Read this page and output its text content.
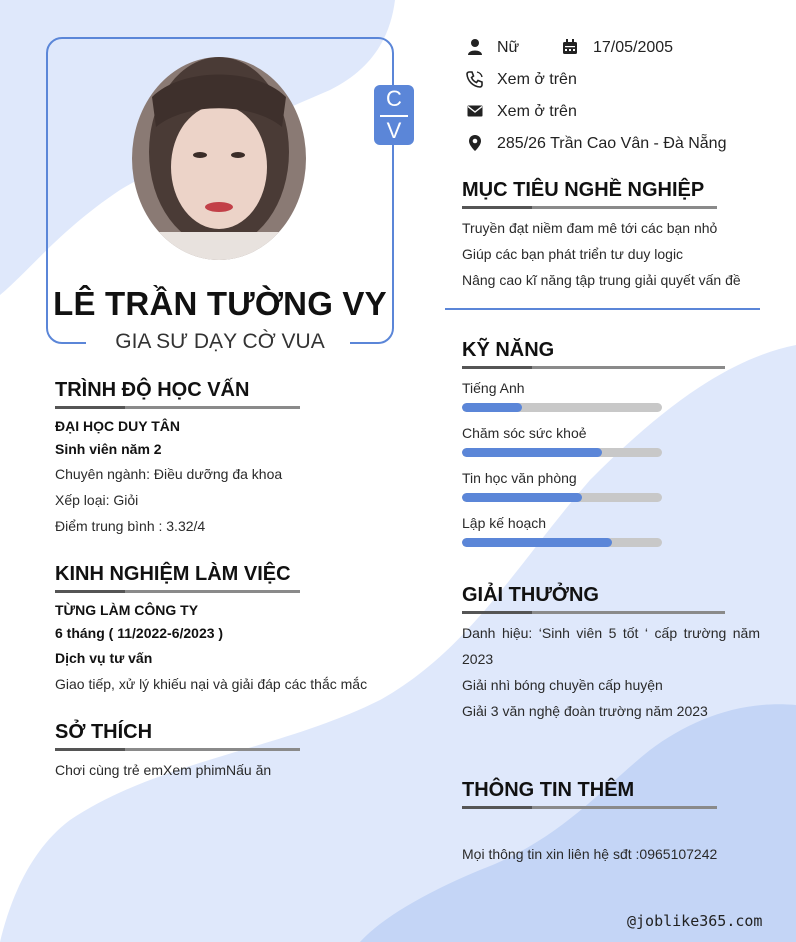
C
V
LÊ TRẦN TƯỜNG VY
GIA SƯ DẠY CỜ VUA
Nữ	17/05/2005
Xem ở trên
Xem ở trên
285/26 Trần Cao Vân - Đà Nẵng
TRÌNH ĐỘ HỌC VẤN
ĐẠI HỌC DUY TÂN
Sinh viên năm 2
Chuyên ngành: Điều dưỡng đa khoa
Xếp loại: Giỏi
Điểm trung bình : 3.32/4
KINH NGHIỆM LÀM VIỆC
TỪNG LÀM CÔNG TY
6 tháng ( 11/2022-6/2023 )
Dịch vụ tư vấn
Giao tiếp, xử lý khiếu nại và giải đáp các thắc mắc
SỞ THÍCH
Chơi cùng trẻ emXem phimNấu ăn
MỤC TIÊU NGHỀ NGHIỆP
Truyền đạt niềm đam mê tới các bạn nhỏ
Giúp các bạn phát triển tư duy logic
Nâng cao kĩ năng tập trung giải quyết vấn đề
KỸ NĂNG
Tiếng Anh
Chăm sóc sức khoẻ
Tin học văn phòng
Lập kế hoạch
GIẢI THƯỞNG
Danh hiệu: ‘Sinh viên 5 tốt ‘ cấp trường năm 2023
Giải nhì bóng chuyền cấp huyện
Giải 3 văn nghệ đoàn trường năm 2023
THÔNG TIN THÊM
Mọi thông tin xin liên hệ sđt :0965107242
@joblike365.com
